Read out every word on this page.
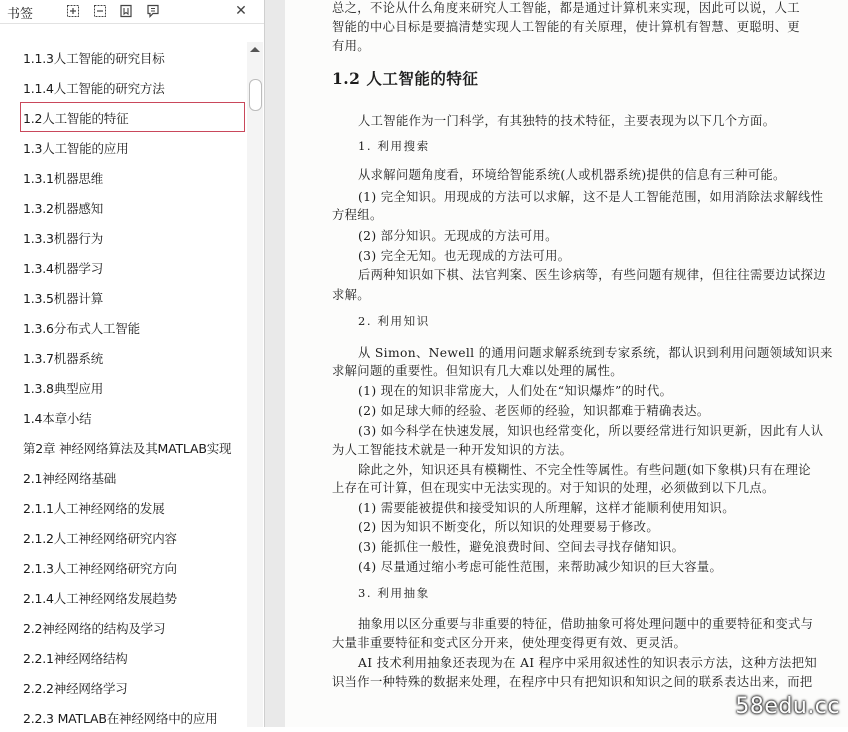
书签	✕
1.1.3人工智能的研究目标
1.1.4人工智能的研究方法
1.2人工智能的特征
1.3人工智能的应用
1.3.1机器思维
1.3.2机器感知
1.3.3机器行为
1.3.4机器学习
1.3.5机器计算
1.3.6分布式人工智能
1.3.7机器系统
1.3.8典型应用
1.4本章小结
第2章 神经网络算法及其MATLAB实现
2.1神经网络基础
2.1.1人工神经网络的发展
2.1.2人工神经网络研究内容
2.1.3人工神经网络研究方向
2.1.4人工神经网络发展趋势
2.2神经网络的结构及学习
2.2.1神经网络结构
2.2.2神经网络学习
2.2.3 MATLAB在神经网络中的应用	58edu.cc
总之，不论从什么角度来研究人工智能，都是通过计算机来实现，因此可以说，人工
智能的中心目标是要搞清楚实现人工智能的有关原理，使计算机有智慧、更聪明、更
有用。
1.2 人工智能的特征
人工智能作为一门科学，有其独特的技术特征，主要表现为以下几个方面。
1. 利用搜索
从求解问题角度看，环境给智能系统(人或机器系统)提供的信息有三种可能。
(1) 完全知识。用现成的方法可以求解，这不是人工智能范围，如用消除法求解线性
方程组。
(2) 部分知识。无现成的方法可用。
(3) 完全无知。也无现成的方法可用。
后两种知识如下棋、法官判案、医生诊病等，有些问题有规律，但往往需要边试探边
求解。
2. 利用知识
从 Simon、Newell 的通用问题求解系统到专家系统，都认识到利用问题领域知识来
求解问题的重要性。但知识有几大难以处理的属性。
(1) 现在的知识非常庞大，人们处在“知识爆炸”的时代。
(2) 如足球大师的经验、老医师的经验，知识都难于精确表达。
(3) 如今科学在快速发展，知识也经常变化，所以要经常进行知识更新，因此有人认
为人工智能技术就是一种开发知识的方法。
除此之外，知识还具有模糊性、不完全性等属性。有些问题(如下象棋)只有在理论
上存在可计算，但在现实中无法实现的。对于知识的处理，必须做到以下几点。
(1) 需要能被提供和接受知识的人所理解，这样才能顺利使用知识。
(2) 因为知识不断变化，所以知识的处理要易于修改。
(3) 能抓住一般性，避免浪费时间、空间去寻找存储知识。
(4) 尽量通过缩小考虑可能性范围，来帮助减少知识的巨大容量。
3. 利用抽象
抽象用以区分重要与非重要的特征，借助抽象可将处理问题中的重要特征和变式与
大量非重要特征和变式区分开来，使处理变得更有效、更灵活。
AI 技术利用抽象还表现为在 AI 程序中采用叙述性的知识表示方法，这种方法把知
识当作一种特殊的数据来处理，在程序中只有把知识和知识之间的联系表达出来，而把
